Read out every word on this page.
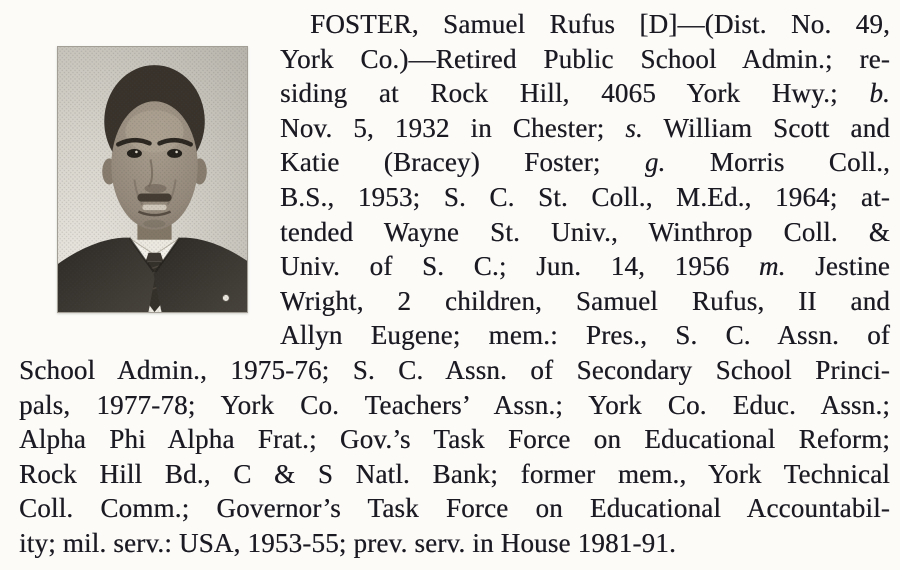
FOSTER, Samuel Rufus [D]—(Dist. No. 49,
York Co.)—Retired Public School Admin.; re-
siding at Rock Hill, 4065 York Hwy.; b.
Nov. 5, 1932 in Chester; s. William Scott and
Katie (Bracey) Foster; g. Morris Coll.,
B.S., 1953; S. C. St. Coll., M.Ed., 1964; at-
tended Wayne St. Univ., Winthrop Coll. &
Univ. of S. C.; Jun. 14, 1956 m. Jestine
Wright, 2 children, Samuel Rufus, II and
Allyn Eugene; mem.: Pres., S. C. Assn. of
School Admin., 1975-76; S. C. Assn. of Secondary School Princi-
pals, 1977-78; York Co. Teachers’ Assn.; York Co. Educ. Assn.;
Alpha Phi Alpha Frat.; Gov.’s Task Force on Educational Reform;
Rock Hill Bd., C & S Natl. Bank; former mem., York Technical
Coll. Comm.; Governor’s Task Force on Educational Accountabil-
ity; mil. serv.: USA, 1953-55; prev. serv. in House 1981-91.
